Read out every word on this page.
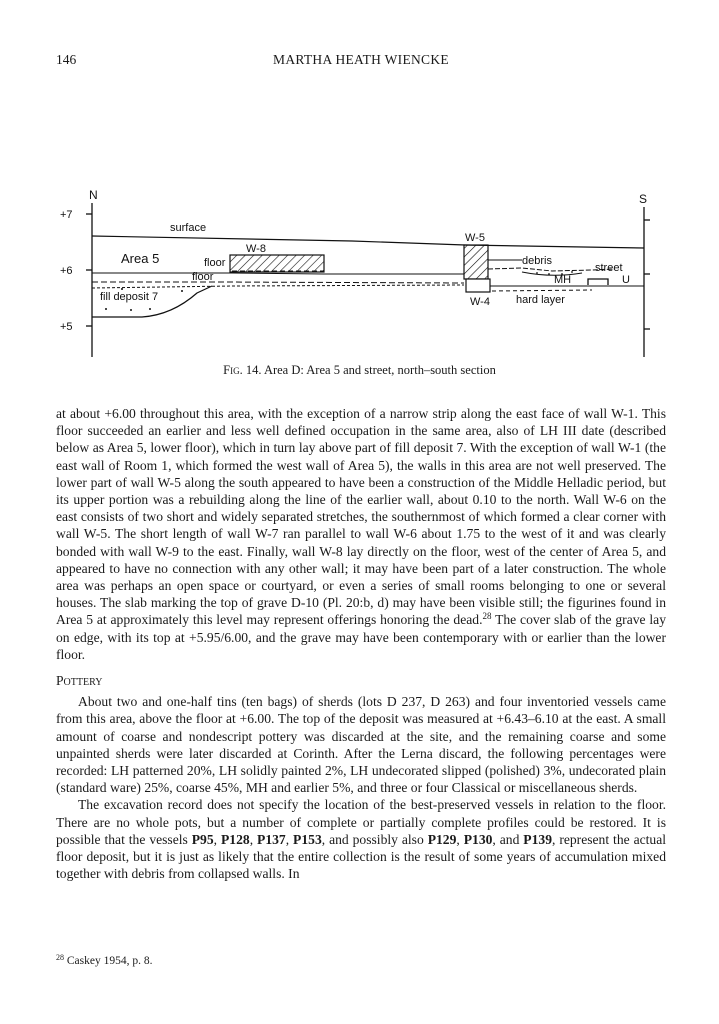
146	MARTHA HEATH WIENCKE
N
+7
+6
+5
S
surface
Area 5	floor
W-8
floor
fill deposit 7
W-5
W-4
debris
street
MH	U
hard layer
Fig. 14. Area D: Area 5 and street, north–south section

at about +6.00 throughout this area, with the exception of a narrow strip along the east face of wall W-1. This floor succeeded an earlier and less well defined occupation in the same area, also of LH III date (described below as Area 5, lower floor), which in turn lay above part of fill deposit 7. With the exception of wall W-1 (the east wall of Room 1, which formed the west wall of Area 5), the walls in this area are not well preserved. The lower part of wall W-5 along the south appeared to have been a construction of the Middle Helladic period, but its upper portion was a rebuilding along the line of the earlier wall, about 0.10 to the north. Wall W-6 on the east consists of two short and widely separated stretches, the southernmost of which formed a clear corner with wall W-5. The short length of wall W-7 ran parallel to wall W-6 about 1.75 to the west of it and was clearly bonded with wall W-9 to the east. Finally, wall W-8 lay directly on the floor, west of the center of Area 5, and appeared to have no connection with any other wall; it may have been part of a later construction. The whole area was perhaps an open space or courtyard, or even a series of small rooms belonging to one or several houses. The slab marking the top of grave D-10 (Pl. 20:b, d) may have been visible still; the figurines found in Area 5 at approximately this level may represent offerings honoring the dead.$^{28}$ The cover slab of the grave lay on edge, with its top at +5.95/6.00, and the grave may have been contemporary with or earlier than the lower floor.

Pottery

About two and one-half tins (ten bags) of sherds (lots D 237, D 263) and four inventoried vessels came from this area, above the floor at +6.00. The top of the deposit was measured at +6.43–6.10 at the east. A small amount of coarse and nondescript pottery was discarded at the site, and the remaining coarse and some unpainted sherds were later discarded at Corinth. After the Lerna discard, the following percentages were recorded: LH patterned 20%, LH solidly painted 2%, LH undecorated slipped (polished) 3%, undecorated plain (standard ware) 25%, coarse 45%, MH and earlier 5%, and three or four Classical or miscellaneous sherds.

The excavation record does not specify the location of the best-preserved vessels in relation to the floor. There are no whole pots, but a number of complete or partially complete profiles could be restored. It is possible that the vessels P95, P128, P137, P153, and possibly also P129, P130, and P139, represent the actual floor deposit, but it is just as likely that the entire collection is the result of some years of accumulation mixed together with debris from collapsed walls. In

$^{28}$ Caskey 1954, p. 8.
